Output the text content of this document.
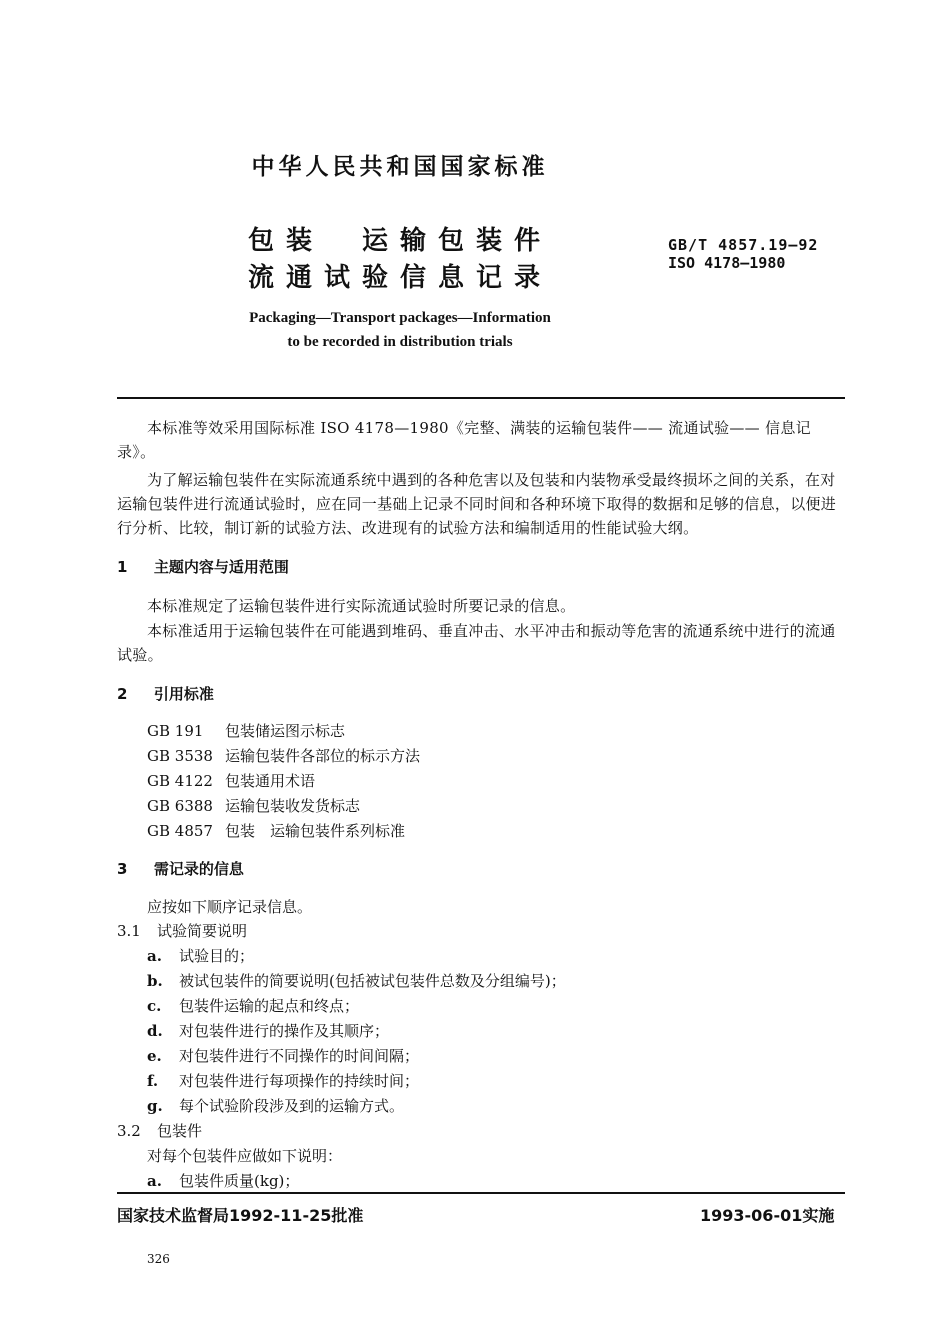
中华人民共和国国家标准
包装　运输包装件
流通试验信息记录
GB/T 4857.19—92
ISO 4178—1980
Packaging—Transport packages—Information
to be recorded in distribution trials
本标准等效采用国际标准 ISO 4178—1980《完整、满装的运输包装件—— 流通试验—— 信息记录》。
为了解运输包装件在实际流通系统中遇到的各种危害以及包装和内装物承受最终损坏之间的关系，在对运输包装件进行流通试验时，应在同一基础上记录不同时间和各种环境下取得的数据和足够的信息，以便进行分析、比较，制订新的试验方法、改进现有的试验方法和编制适用的性能试验大纲。
1 主题内容与适用范围
本标准规定了运输包装件进行实际流通试验时所要记录的信息。
本标准适用于运输包装件在可能遇到堆码、垂直冲击、水平冲击和振动等危害的流通系统中进行的流通试验。
2 引用标准
GB 191 包装储运图示标志
GB 3538 运输包装件各部位的标示方法
GB 4122 包装通用术语
GB 6388 运输包装收发货标志
GB 4857 包装　运输包装件系列标准
3 需记录的信息
应按如下顺序记录信息。
3.1 试验简要说明
a. 试验目的；
b. 被试包装件的简要说明(包括被试包装件总数及分组编号)；
c. 包装件运输的起点和终点；
d. 对包装件进行的操作及其顺序；
e. 对包装件进行不同操作的时间间隔；
f. 对包装件进行每项操作的持续时间；
g. 每个试验阶段涉及到的运输方式。
3.2 包装件
对每个包装件应做如下说明：
a. 包装件质量(kg)；
国家技术监督局1992-11-25批准	1993-06-01实施
326
